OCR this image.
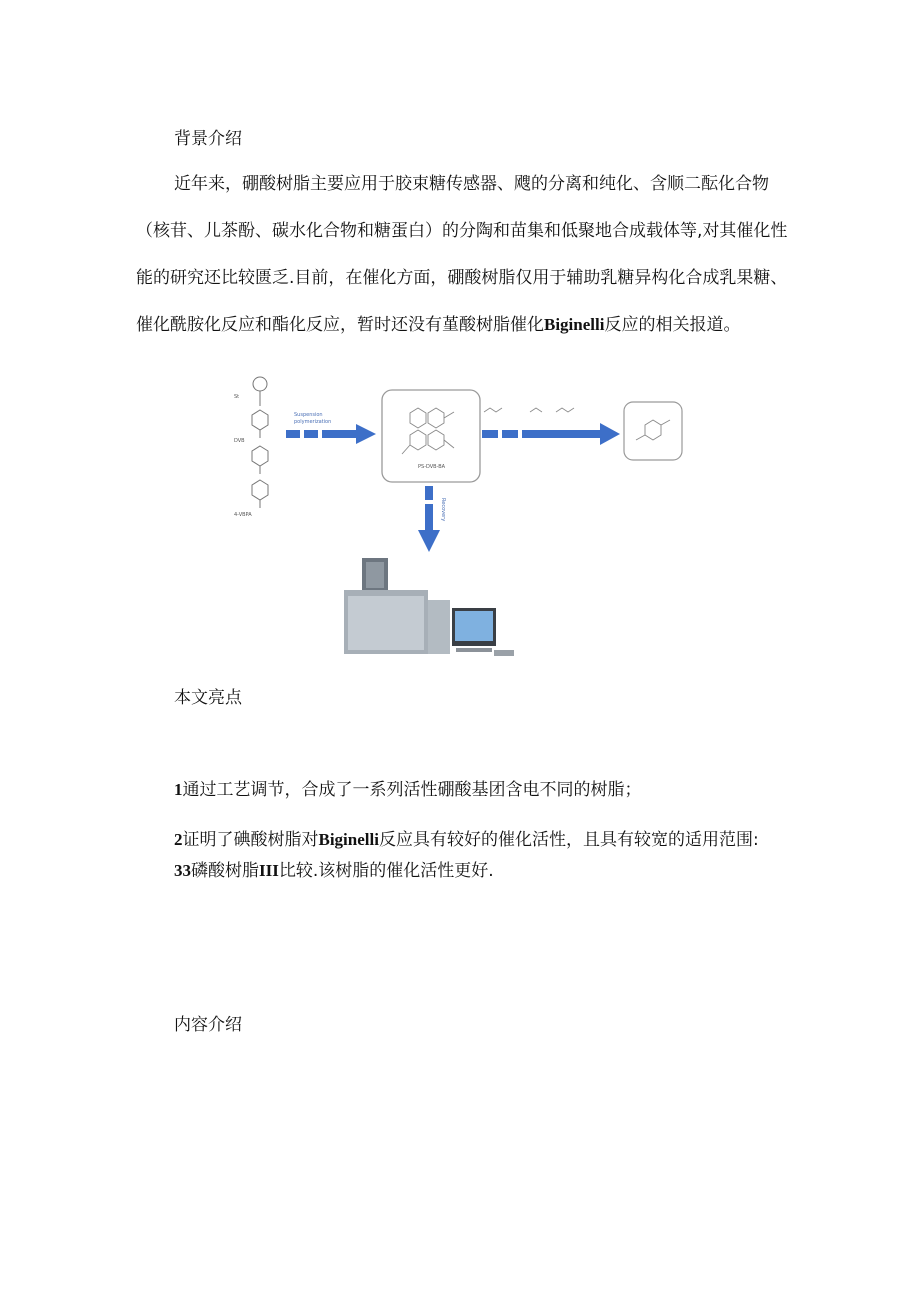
背景介绍
近年来，硼酸树脂主要应用于胶束糖传感器、飕的分离和纯化、含顺二酝化合物
（核苷、儿茶酚、碳水化合物和糖蛋白）的分陶和苗集和低聚地合成载体等,对其催化性
能的研究还比较匮乏.目前，在催化方面，硼酸树脂仅用于辅助乳糖异构化合成乳果糖、
催化酰胺化反应和酯化反应，暂时还没有堇酸树脂催化Biginelli反应的相关报道。
St
DVB
4-VBPA
Suspension
polymerization
PS-DVB-BA
Recovery
本文亮点
1通过工艺调节，合成了一系列活性硼酸基团含电不同的树脂；
2证明了碘酸树脂对Biginelli反应具有较好的催化活性，且具有较宽的适用范围:
33磷酸树脂III比较.该树脂的催化活性更好.
内容介绍
